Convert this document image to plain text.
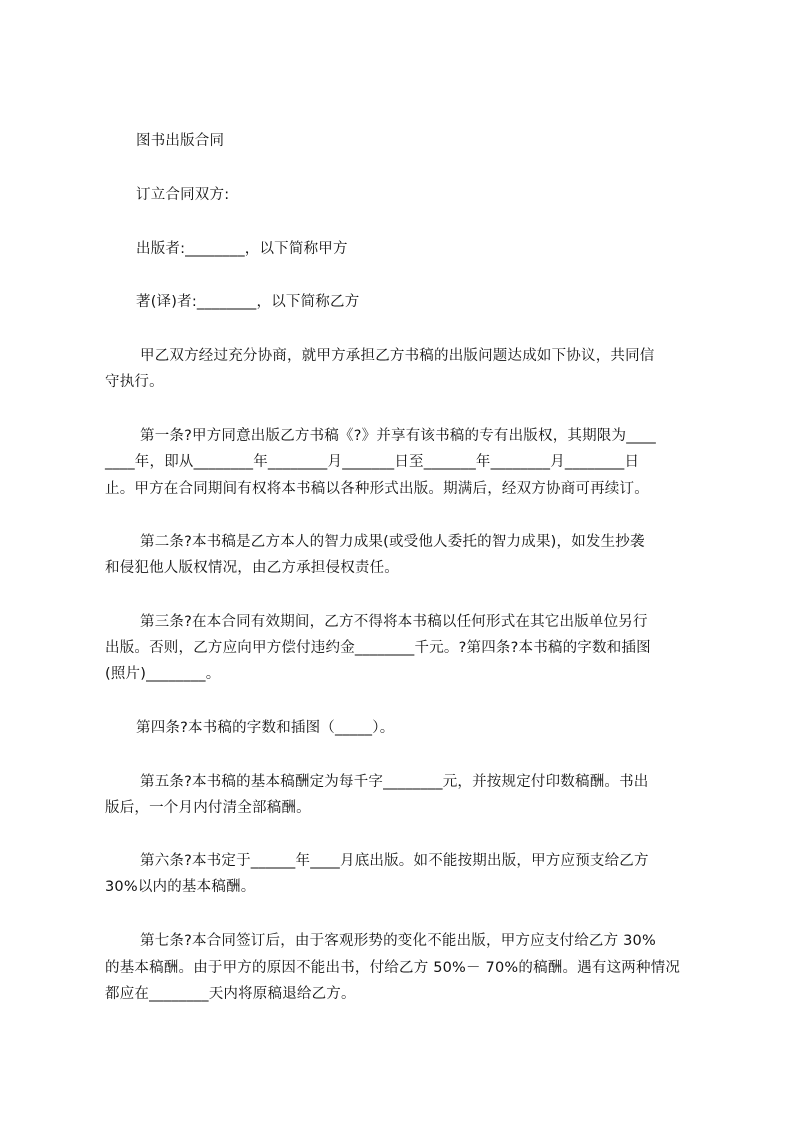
图书出版合同
订立合同双方:
出版者:________，以下简称甲方
著(译)者:________，以下简称乙方
甲乙双方经过充分协商，就甲方承担乙方书稿的出版问题达成如下协议，共同信
守执行。
第一条?甲方同意出版乙方书稿《?》并享有该书稿的专有出版权，其期限为____
____年，即从________年________月_______日至_______年________月________日
止。甲方在合同期间有权将本书稿以各种形式出版。期满后，经双方协商可再续订。
第二条?本书稿是乙方本人的智力成果(或受他人委托的智力成果)，如发生抄袭
和侵犯他人版权情况，由乙方承担侵权责任。
第三条?在本合同有效期间，乙方不得将本书稿以任何形式在其它出版单位另行
出版。否则，乙方应向甲方偿付违约金________千元。?第四条?本书稿的字数和插图
(照片)________。
第四条?本书稿的字数和插图（_____）。
第五条?本书稿的基本稿酬定为每千字________元，并按规定付印数稿酬。书出
版后，一个月内付清全部稿酬。
第六条?本书定于______年____月底出版。如不能按期出版，甲方应预支给乙方
30%以内的基本稿酬。
第七条?本合同签订后，由于客观形势的变化不能出版，甲方应支付给乙方 30%
的基本稿酬。由于甲方的原因不能出书，付给乙方 50%－ 70%的稿酬。遇有这两种情况
都应在________天内将原稿退给乙方。
